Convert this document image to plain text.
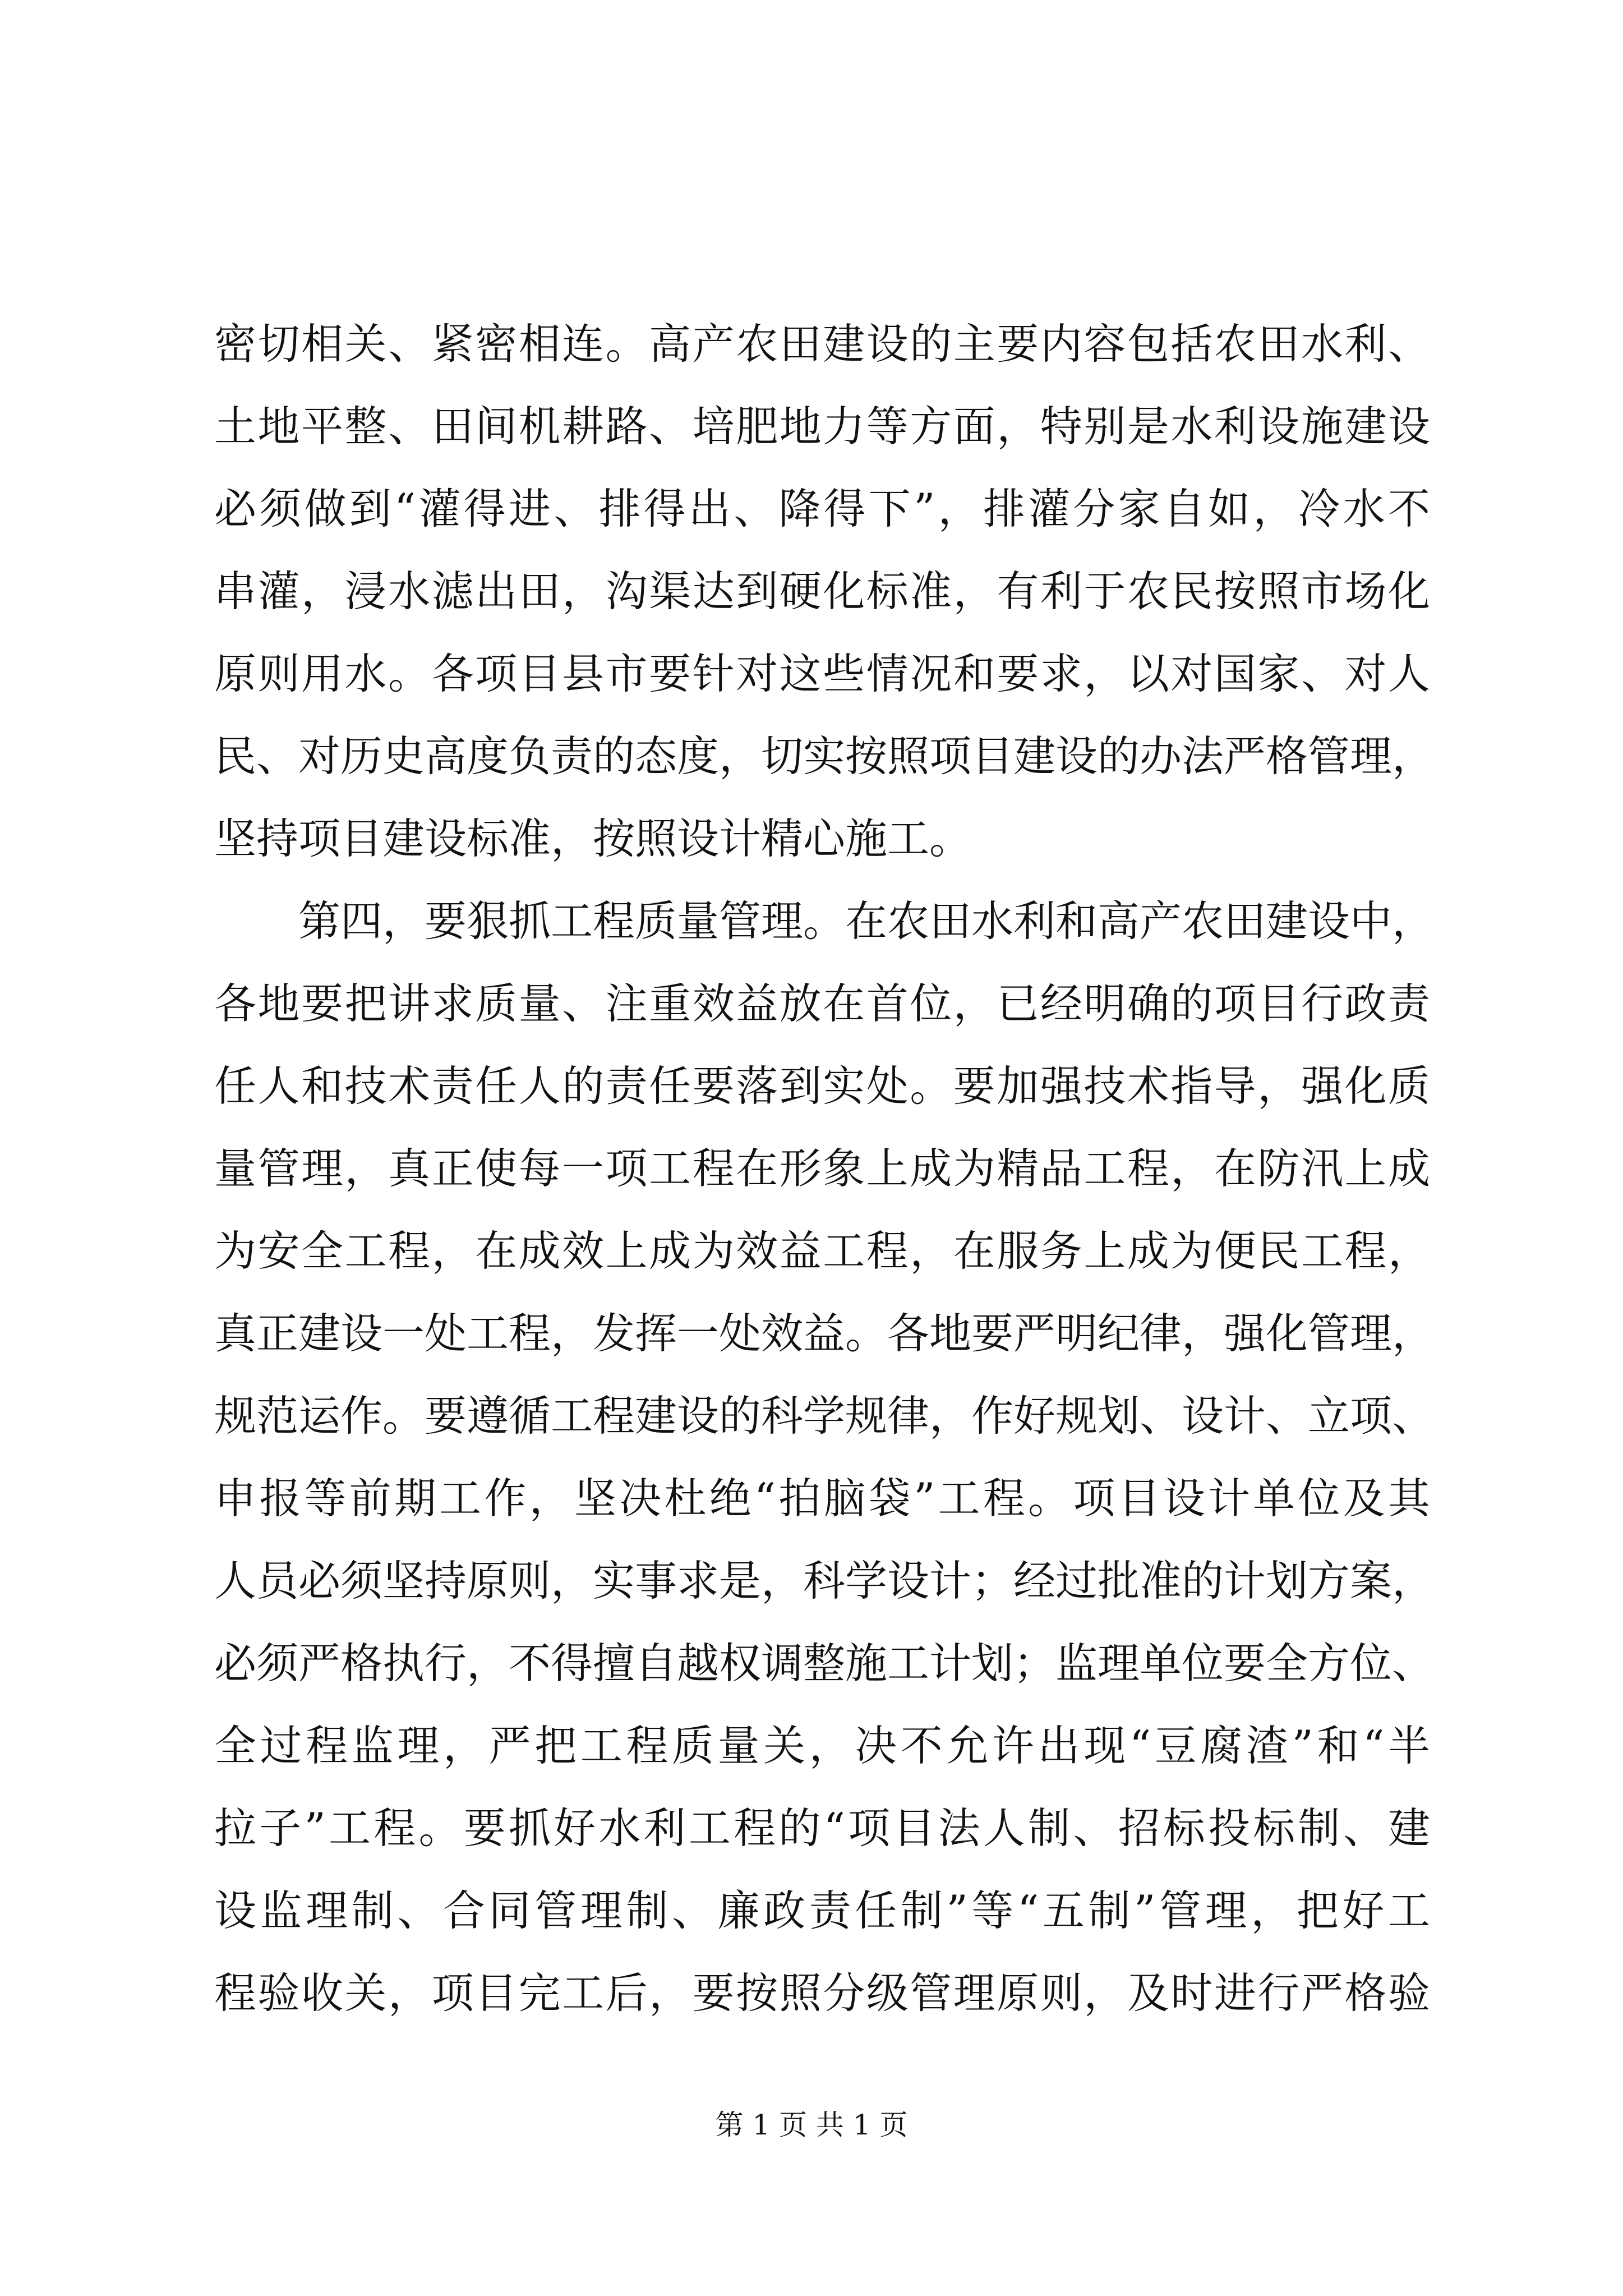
密切相关、紧密相连。高产农田建设的主要内容包括农田水利、
土地平整、田间机耕路、培肥地力等方面，特别是水利设施建设
必须做到“灌得进、排得出、降得下”，排灌分家自如，冷水不
串灌，浸水滤出田，沟渠达到硬化标准，有利于农民按照市场化
原则用水。各项目县市要针对这些情况和要求，以对国家、对人
民、对历史高度负责的态度，切实按照项目建设的办法严格管理，
坚持项目建设标准，按照设计精心施工。
第四，要狠抓工程质量管理。在农田水利和高产农田建设中，
各地要把讲求质量、注重效益放在首位，已经明确的项目行政责
任人和技术责任人的责任要落到实处。要加强技术指导，强化质
量管理，真正使每一项工程在形象上成为精品工程，在防汛上成
为安全工程，在成效上成为效益工程，在服务上成为便民工程，
真正建设一处工程，发挥一处效益。各地要严明纪律，强化管理，
规范运作。要遵循工程建设的科学规律，作好规划、设计、立项、
申报等前期工作，坚决杜绝“拍脑袋”工程。项目设计单位及其
人员必须坚持原则，实事求是，科学设计；经过批准的计划方案，
必须严格执行，不得擅自越权调整施工计划；监理单位要全方位、
全过程监理，严把工程质量关，决不允许出现“豆腐渣”和“半
拉子”工程。要抓好水利工程的“项目法人制、招标投标制、建
设监理制、合同管理制、廉政责任制”等“五制”管理，把好工
程验收关，项目完工后，要按照分级管理原则，及时进行严格验
第 1 页 共 1 页
